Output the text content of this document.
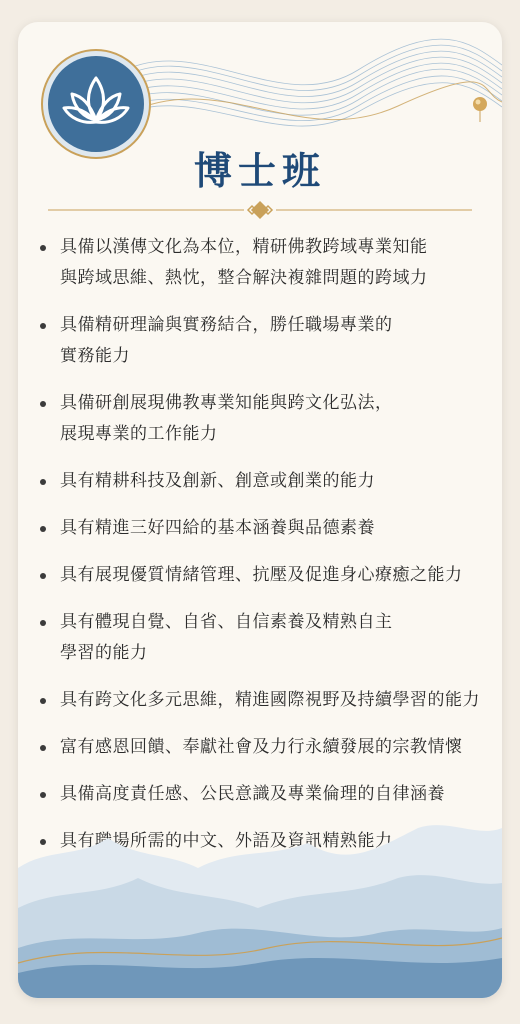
博士班
具備以漢傳文化為本位，精研佛教跨域專業知能
與跨域思維、熱忱，整合解決複雜問題的跨域力
具備精研理論與實務結合，勝任職場專業的
實務能力
具備研創展現佛教專業知能與跨文化弘法，
展現專業的工作能力
具有精耕科技及創新、創意或創業的能力
具有精進三好四給的基本涵養與品德素養
具有展現優質情緒管理、抗壓及促進身心療癒之能力
具有體現自覺、自省、自信素養及精熟自主
學習的能力
具有跨文化多元思維，精進國際視野及持續學習的能力
富有感恩回饋、奉獻社會及力行永續發展的宗教情懷
具備高度責任感、公民意識及專業倫理的自律涵養
具有職場所需的中文、外語及資訊精熟能力
